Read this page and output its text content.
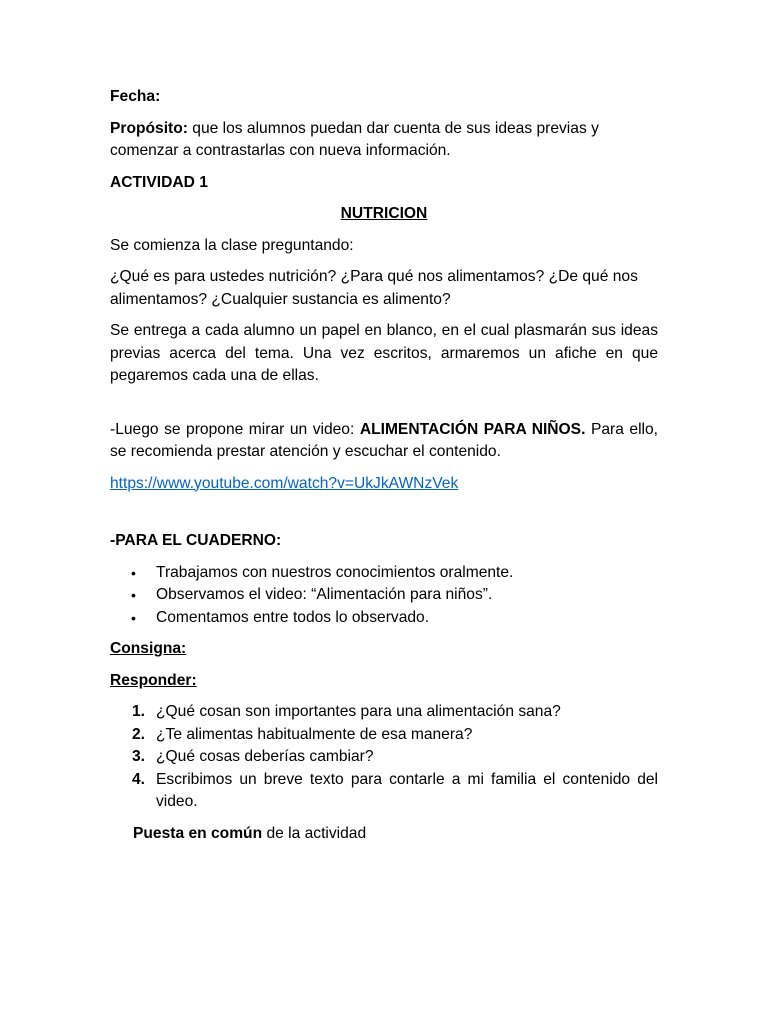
Fecha:

Propósito: que los alumnos puedan dar cuenta de sus ideas previas y comenzar a contrastarlas con nueva información.

ACTIVIDAD 1

NUTRICION

Se comienza la clase preguntando:

¿Qué es para ustedes nutrición? ¿Para qué nos alimentamos? ¿De qué nos alimentamos? ¿Cualquier sustancia es alimento?

Se entrega a cada alumno un papel en blanco, en el cual plasmarán sus ideas previas acerca del tema. Una vez escritos, armaremos un afiche en que pegaremos cada una de ellas.

-Luego se propone mirar un video: ALIMENTACIÓN PARA NIÑOS. Para ello, se recomienda prestar atención y escuchar el contenido.

https://www.youtube.com/watch?v=UkJkAWNzVek

-PARA EL CUADERNO:

•	Trabajamos con nuestros conocimientos oralmente.
•	Observamos el video: “Alimentación para niños”.
•	Comentamos entre todos lo observado.

Consigna:

Responder:

1. ¿Qué cosan son importantes para una alimentación sana?
2. ¿Te alimentas habitualmente de esa manera?
3. ¿Qué cosas deberías cambiar?
4. Escribimos un breve texto para contarle a mi familia el contenido del video.

Puesta en común de la actividad
